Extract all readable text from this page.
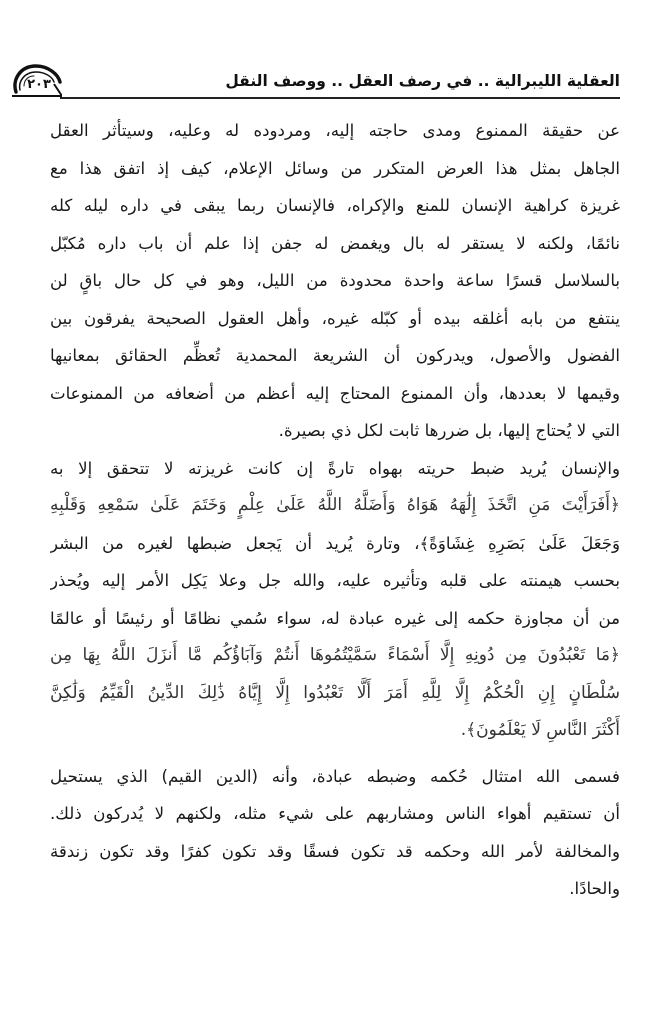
العقلية الليبرالية .. في رصف العقل .. ووصف النقل
٢٠٣
عن حقيقة الممنوع ومدى حاجته إليه، ومردوده له وعليه، وسيتأثر العقل
الجاهل بمثل هذا العرض المتكرر من وسائل الإعلام، كيف إذ اتفق هذا مع
غريزة كراهية الإنسان للمنع والإكراه، فالإنسان ربما يبقى في داره ليله كله
نائمًا، ولكنه لا يستقر له بال ويغمض له جفن إذا علم أن باب داره مُكبّل
بالسلاسل قسرًا ساعة واحدة محدودة من الليل، وهو في كل حال باقٍ لن
ينتفع من بابه أغلقه بيده أو كبّله غيره، وأهل العقول الصحيحة يفرقون بين
الفضول والأصول، ويدركون أن الشريعة المحمدية تُعظِّم الحقائق بمعانيها
وقيمها لا بعددها، وأن الممنوع المحتاج إليه أعظم من أضعافه من الممنوعات
التي لا يُحتاج إليها، بل ضررها ثابت لكل ذي بصيرة.
والإنسان يُريد ضبط حريته بهواه تارةً إن كانت غريزته لا تتحقق إلا به
﴿أَفَرَأَيْتَ مَنِ اتَّخَذَ إِلَٰهَهُ هَوَاهُ وَأَضَلَّهُ اللَّهُ عَلَىٰ عِلْمٍ وَخَتَمَ عَلَىٰ سَمْعِهِ وَقَلْبِهِ
وَجَعَلَ عَلَىٰ بَصَرِهِ غِشَاوَةً﴾، وتارة يُريد أن يَجعل ضبطها لغيره من البشر
بحسب هيمنته على قلبه وتأثيره عليه، والله جل وعلا يَكِل الأمر إليه ويُحذر
من أن مجاوزة حكمه إلى غيره عبادة له، سواء سُمي نظامًا أو رئيسًا أو عالمًا
﴿مَا تَعْبُدُونَ مِن دُونِهِ إِلَّا أَسْمَاءً سَمَّيْتُمُوهَا أَنتُمْ وَآبَاؤُكُم مَّا أَنزَلَ اللَّهُ بِهَا مِن
سُلْطَانٍ إِنِ الْحُكْمُ إِلَّا لِلَّهِ أَمَرَ أَلَّا تَعْبُدُوا إِلَّا إِيَّاهُ ذَٰلِكَ الدِّينُ الْقَيِّمُ وَلَٰكِنَّ
أَكْثَرَ النَّاسِ لَا يَعْلَمُونَ﴾.
فسمى الله امتثال حُكمه وضبطه عبادة، وأنه (الدين القيم) الذي يستحيل
أن تستقيم أهواء الناس ومشاربهم على شيء مثله، ولكنهم لا يُدركون ذلك.
والمخالفة لأمر الله وحكمه قد تكون فسقًا وقد تكون كفرًا وقد تكون زندقة
والحادًا.
